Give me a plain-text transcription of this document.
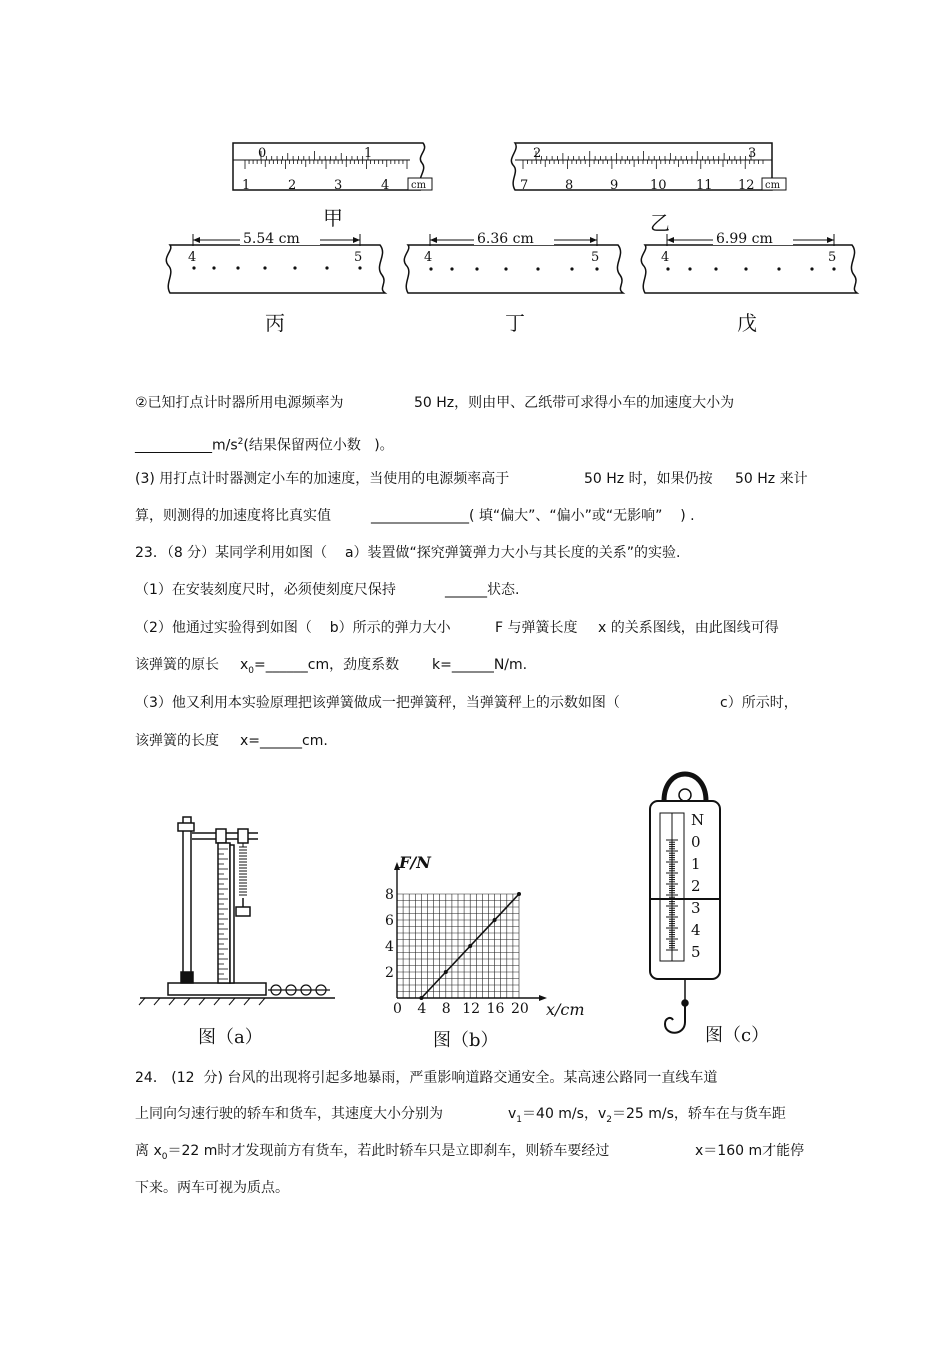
0	1
1	2	3	4 cm
2	3
7	8	9 10 11 12 cm
甲	乙
5.54 cm
4	5
6.36 cm
4	5
6.99 cm
4	5
丙	丁	戊
②已知打点计时器所用电源频率为	50 Hz，则由甲、乙纸带可求得小车的加速度大小为
$\_\_\_\_\_\_\_\_\_\_\_m/s^2$(结果保留两位小数   )。
(3) 用打点计时器测定小车的加速度，当使用的电源频率高于	50 Hz 时，如果仍按 50 Hz 来计
算，则测得的加速度将比真实值	______________( 填“偏大”、“偏小”或“无影响”    ) .
23．（8 分）某同学利用如图（    a）装置做“探究弹簧弹力大小与其长度的关系”的实验.
（1）在安装刻度尺时，必须使刻度尺保持	______状态.
（2）他通过实验得到如图（    b）所示的弹力大小	F 与弹簧长度 x 的关系图线，由此图线可得
该弹簧的原长 $x_0=\_\_\_\_\_\_cm$，劲度系数 k=______N/m.
（3）他又利用本实验原理把该弹簧做成一把弹簧秤，当弹簧秤上的示数如图（	c）所示时，
该弹簧的长度 x=______cm.
图（a）
0 4 8 12 16 20
2
4
6
8
x/cm
F/N
图（b）
N
0
1
2
3
4
5
图（c）
24． (12  分) 台风的出现将引起多地暴雨，严重影响道路交通安全。某高速公路同一直线车道
上同向匀速行驶的轿车和货车，其速度大小分别为	$v_1=40$ m/s，$v_2=25$ m/s，轿车在与货车距
离 $x_0=22$ m时才发现前方有货车，若此时轿车只是立即刹车，则轿车要经过	x＝160 m才能停
下来。两车可视为质点。
